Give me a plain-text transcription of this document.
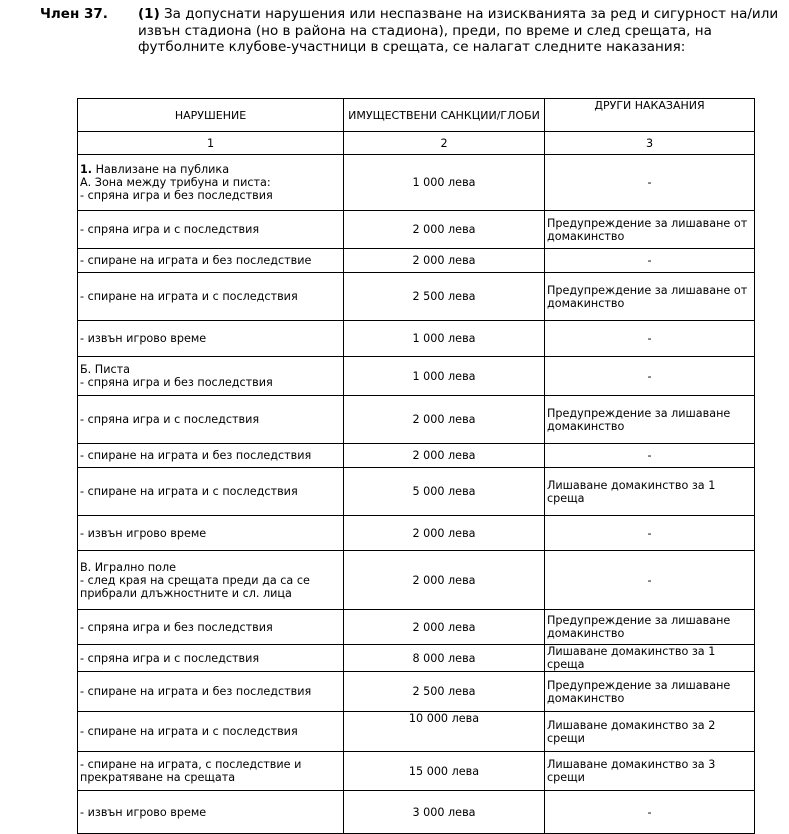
Член 37. (1) За допуснати нарушения или неспазване на изискванията за ред и сигурност на/или извън стадиона (но в района на стадиона), преди, по време и след срещата, на футболните клубове-участници в срещата, се налагат следните наказания:
НАРУШЕНИЕ	ИМУЩЕСТВЕНИ САНКЦИИ/ГЛОБИ	ДРУГИ НАКАЗАНИЯ
1	2	3

1. Навлизане на публика
А. Зона между трибуна и писта:
- спряна игра и без последствия	1 000 лева	-

- спряна игра и с последствия	2 000 лева	Предупреждение за лишаване от
домакинство

- спиране на играта и без последствие	2 000 лева	-

- спиране на играта и с последствия	2 500 лева	Предупреждение за лишаване от
домакинство

- извън игрово време	1 000 лева	-

Б. Писта
- спряна игра и без последствия	1 000 лева	-

- спряна игра и с последствия	2 000 лева	Предупреждение за лишаване
домакинство

- спиране на играта и без последствия	2 000 лева	-

- спиране на играта и с последствия	5 000 лева	Лишаване домакинство за 1 среща

- извън игрово време	2 000 лева	-

В. Игрално поле
- след края на срещата преди да са се
прибрали длъжностните и сл. лица	2 000 лева	-

- спряна игра и без последствия	2 000 лева	Предупреждение за лишаване
домакинство

- спряна игра и с последствия	8 000 лева	Лишаване домакинство за 1 среща

- спиране на играта и без последствия	2 500 лева	Предупреждение за лишаване
домакинство

- спиране на играта и с последствия	10 000 лева	Лишаване домакинство за 2 срещи

- спиране на играта, с последствие и
прекратяване на срещата	15 000 лева	Лишаване домакинство за 3 срещи

- извън игрово време	3 000 лева	-
